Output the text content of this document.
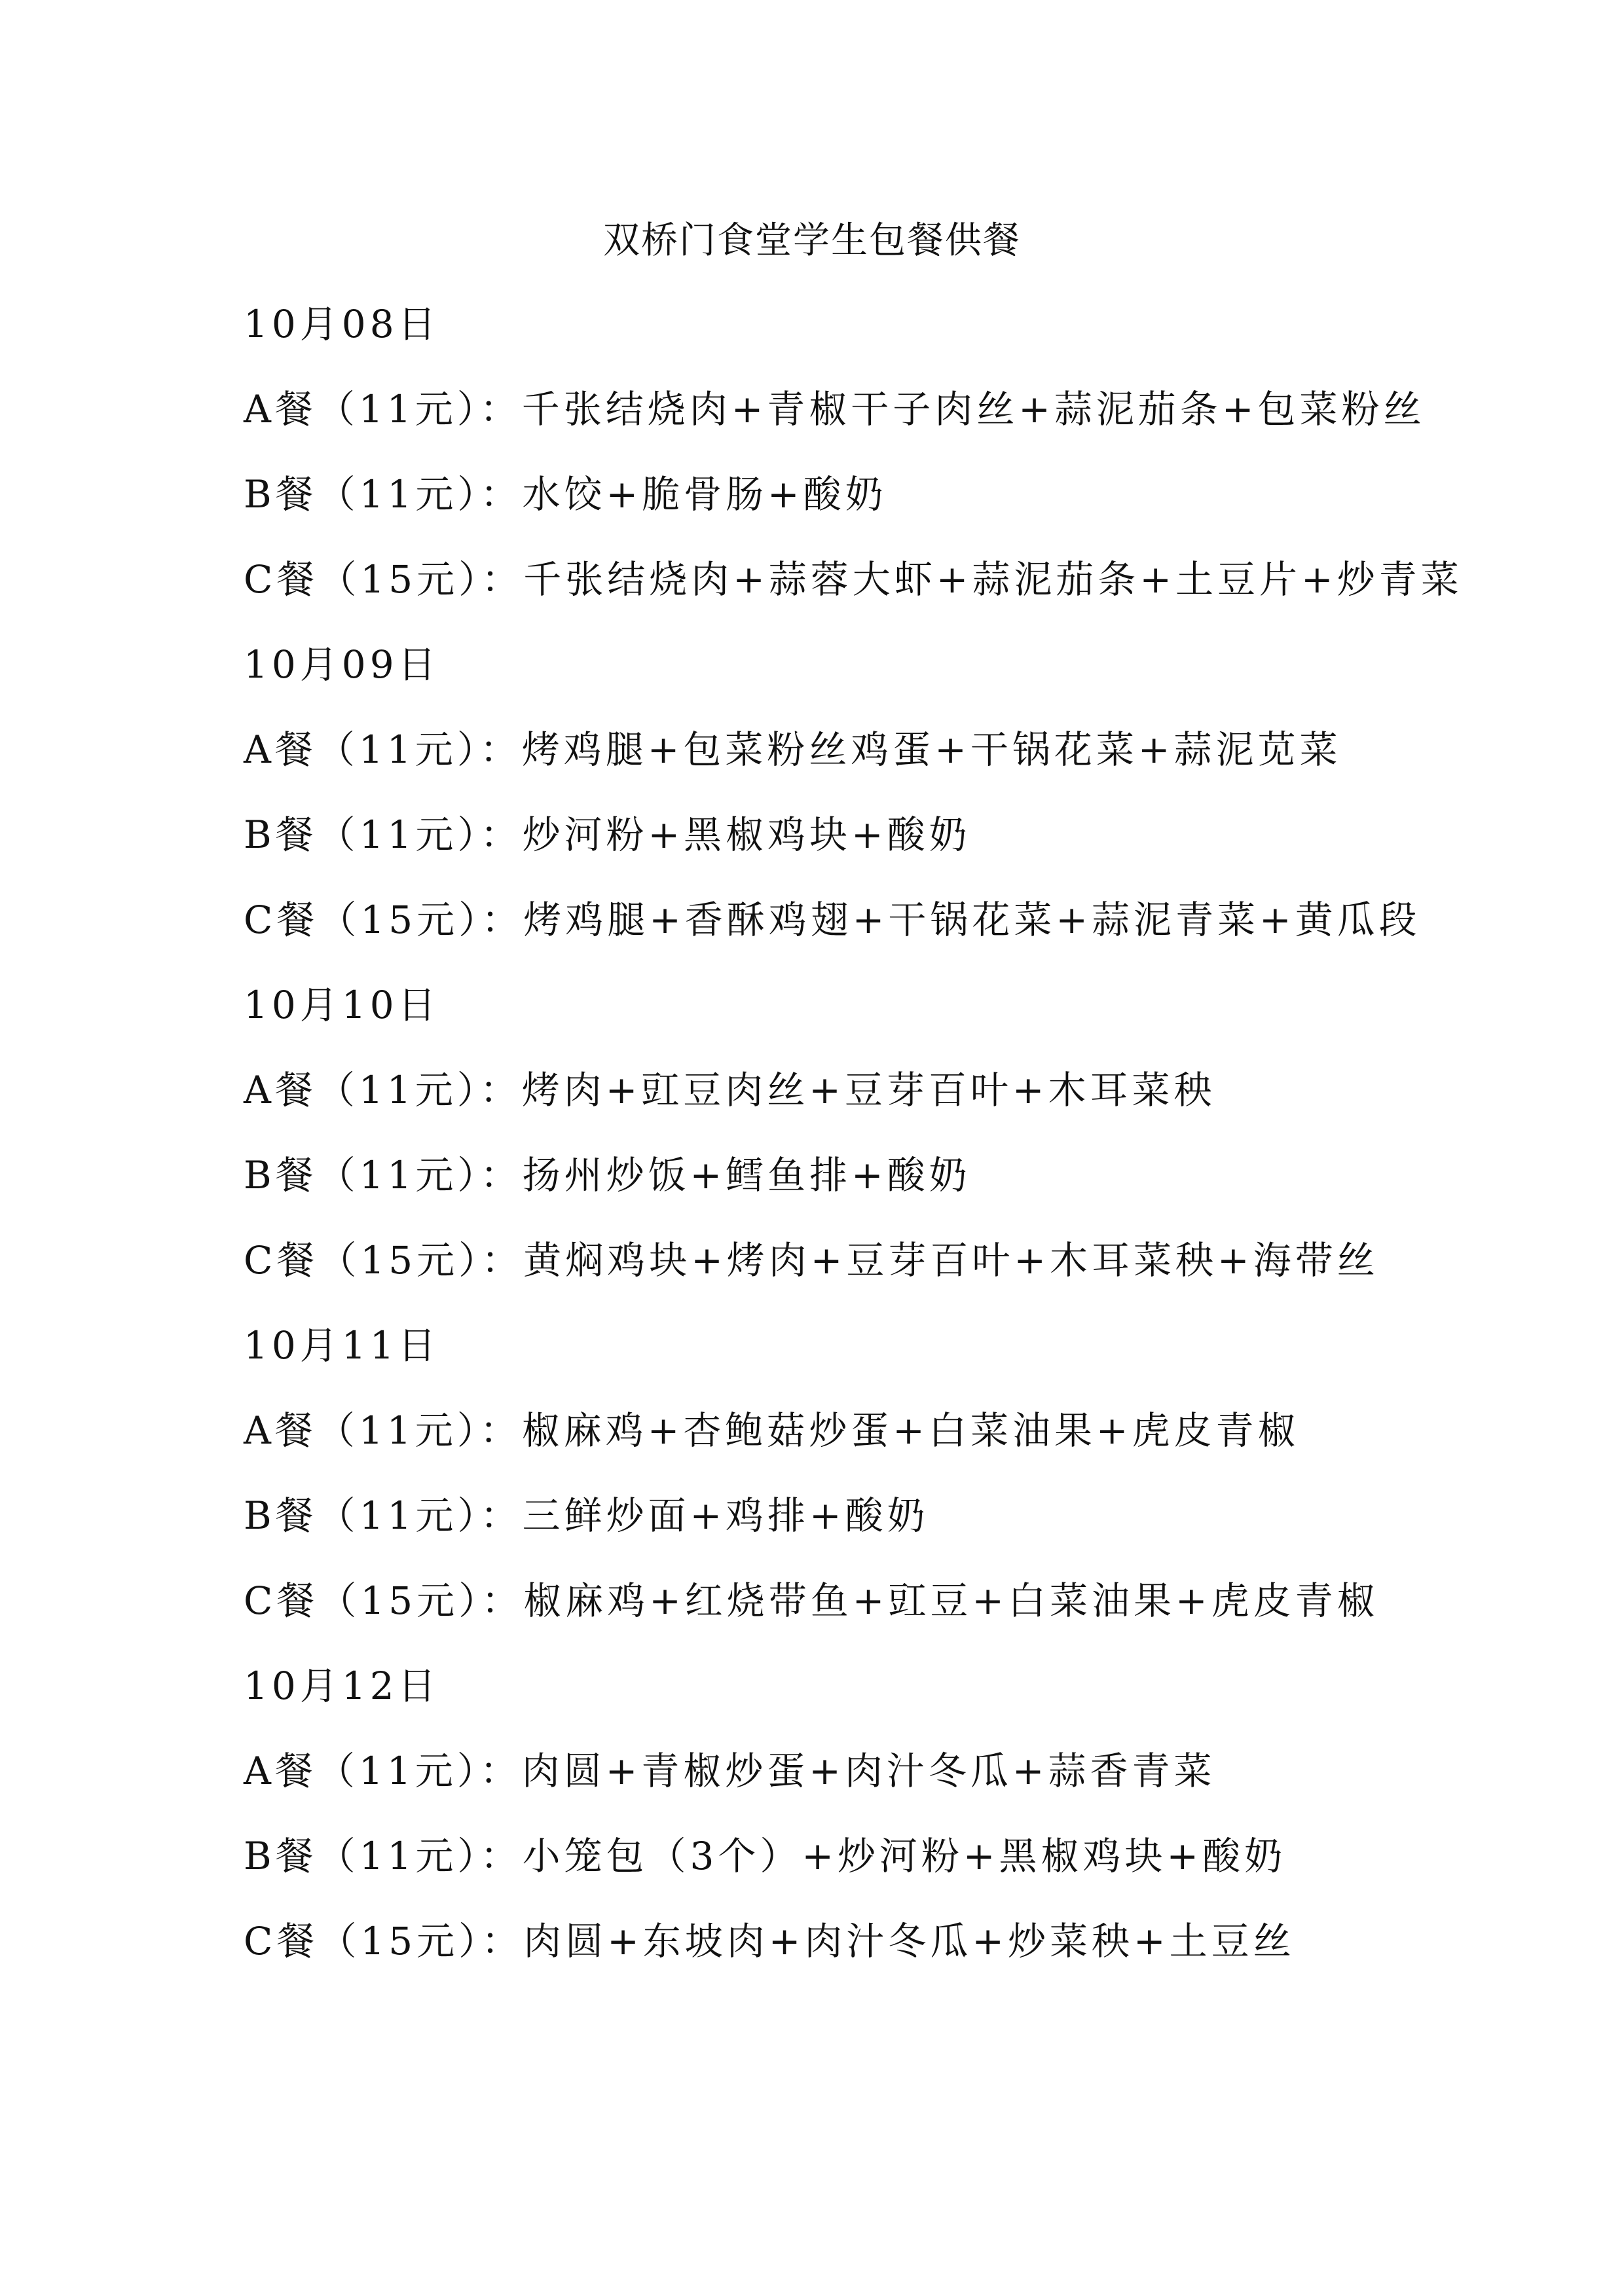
双桥门食堂学生包餐供餐
10月08日
A餐（11元）：千张结烧肉+青椒干子肉丝+蒜泥茄条+包菜粉丝
B餐（11元）：水饺+脆骨肠+酸奶
C餐（15元）：千张结烧肉+蒜蓉大虾+蒜泥茄条+土豆片+炒青菜
10月09日
A餐（11元）：烤鸡腿+包菜粉丝鸡蛋+干锅花菜+蒜泥苋菜
B餐（11元）：炒河粉+黑椒鸡块+酸奶
C餐（15元）：烤鸡腿+香酥鸡翅+干锅花菜+蒜泥青菜+黄瓜段
10月10日
A餐（11元）：烤肉+豇豆肉丝+豆芽百叶+木耳菜秧
B餐（11元）：扬州炒饭+鳕鱼排+酸奶
C餐（15元）：黄焖鸡块+烤肉+豆芽百叶+木耳菜秧+海带丝
10月11日
A餐（11元）：椒麻鸡+杏鲍菇炒蛋+白菜油果+虎皮青椒
B餐（11元）：三鲜炒面+鸡排+酸奶
C餐（15元）：椒麻鸡+红烧带鱼+豇豆+白菜油果+虎皮青椒
10月12日
A餐（11元）：肉圆+青椒炒蛋+肉汁冬瓜+蒜香青菜
B餐（11元）：小笼包（3个）+炒河粉+黑椒鸡块+酸奶
C餐（15元）：肉圆+东坡肉+肉汁冬瓜+炒菜秧+土豆丝
